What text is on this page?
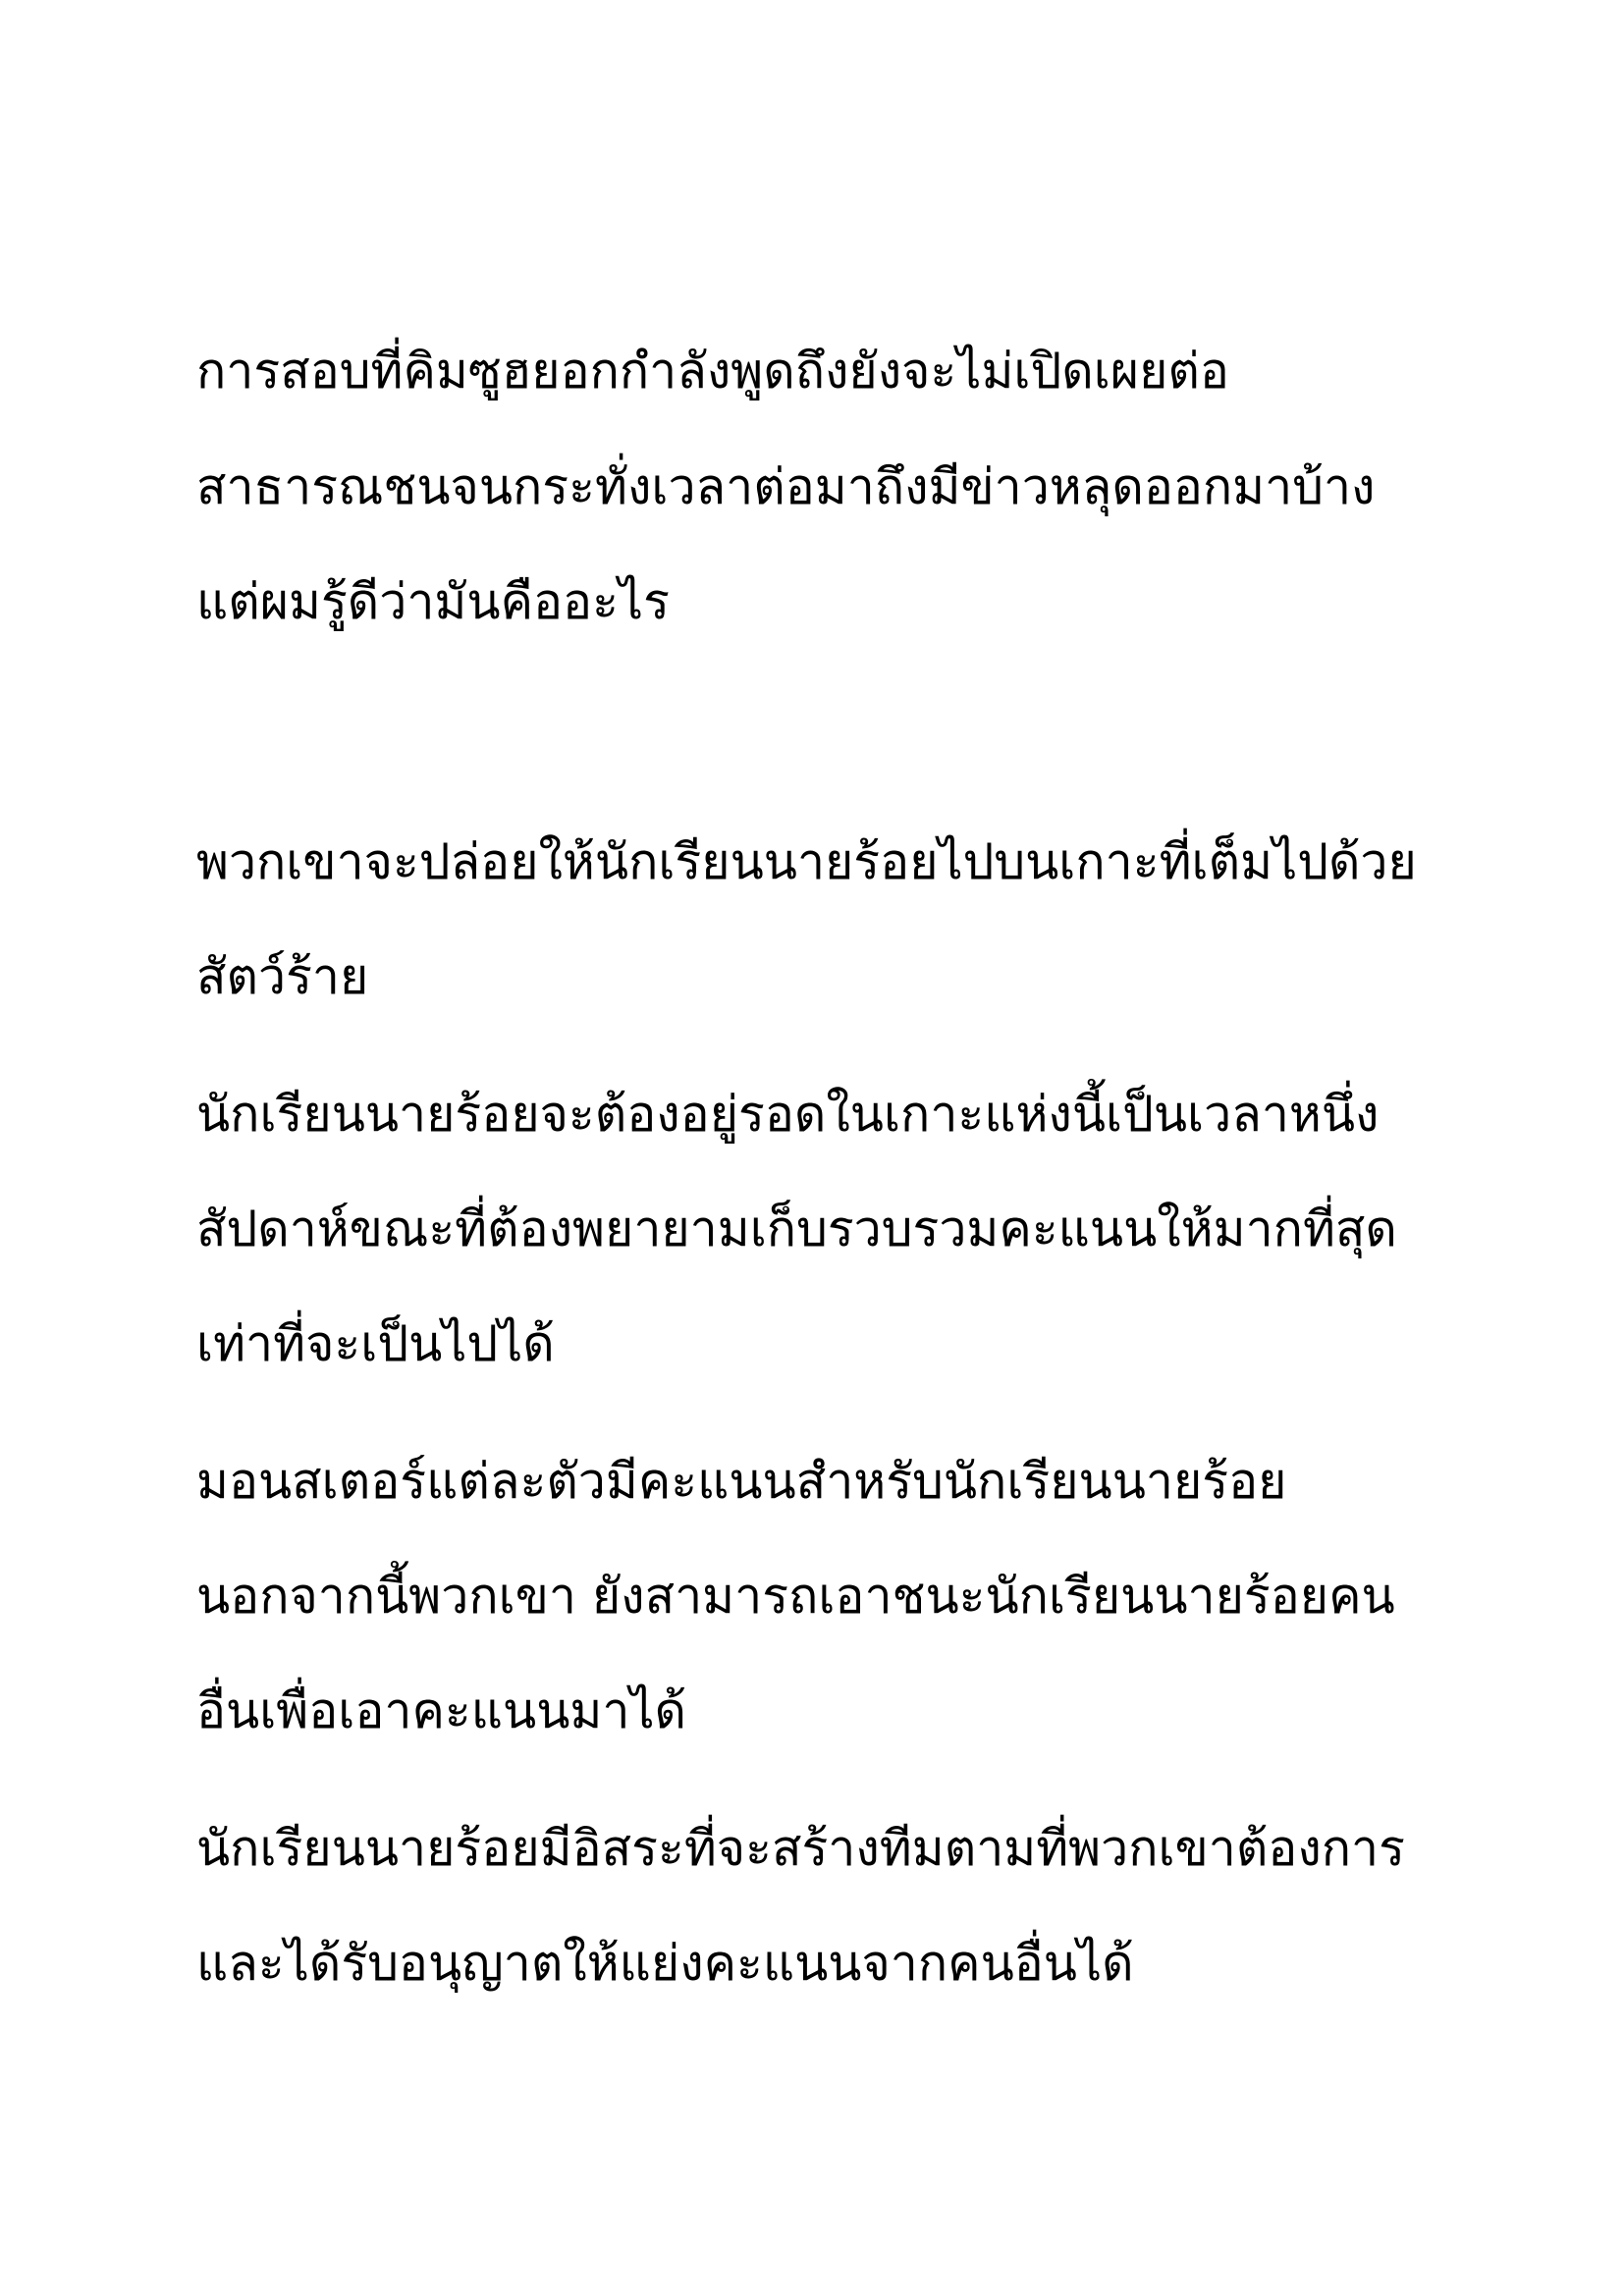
การสอบที่คิมซูฮยอกกำลังพูดถึงยังจะไม่เปิดเผยต่อ

สาธารณชนจนกระทั่งเวลาต่อมาถึงมีข่าวหลุดออกมาบ้าง

แต่ผมรู้ดีว่ามันคืออะไร

พวกเขาจะปล่อยให้นักเรียนนายร้อยไปบนเกาะที่เต็มไปด้วย

สัตว์ร้าย

นักเรียนนายร้อยจะต้องอยู่รอดในเกาะแห่งนี้เป็นเวลาหนึ่ง

สัปดาห์ขณะที่ต้องพยายามเก็บรวบรวมคะแนนให้มากที่สุด

เท่าที่จะเป็นไปได้

มอนสเตอร์แต่ละตัวมีคะแนนสำหรับนักเรียนนายร้อย

นอกจากนี้พวกเขา ยังสามารถเอาชนะนักเรียนนายร้อยคน

อื่นเพื่อเอาคะแนนมาได้

นักเรียนนายร้อยมีอิสระที่จะสร้างทีมตามที่พวกเขาต้องการ

และได้รับอนุญาตให้แย่งคะแนนจากคนอื่นได้
